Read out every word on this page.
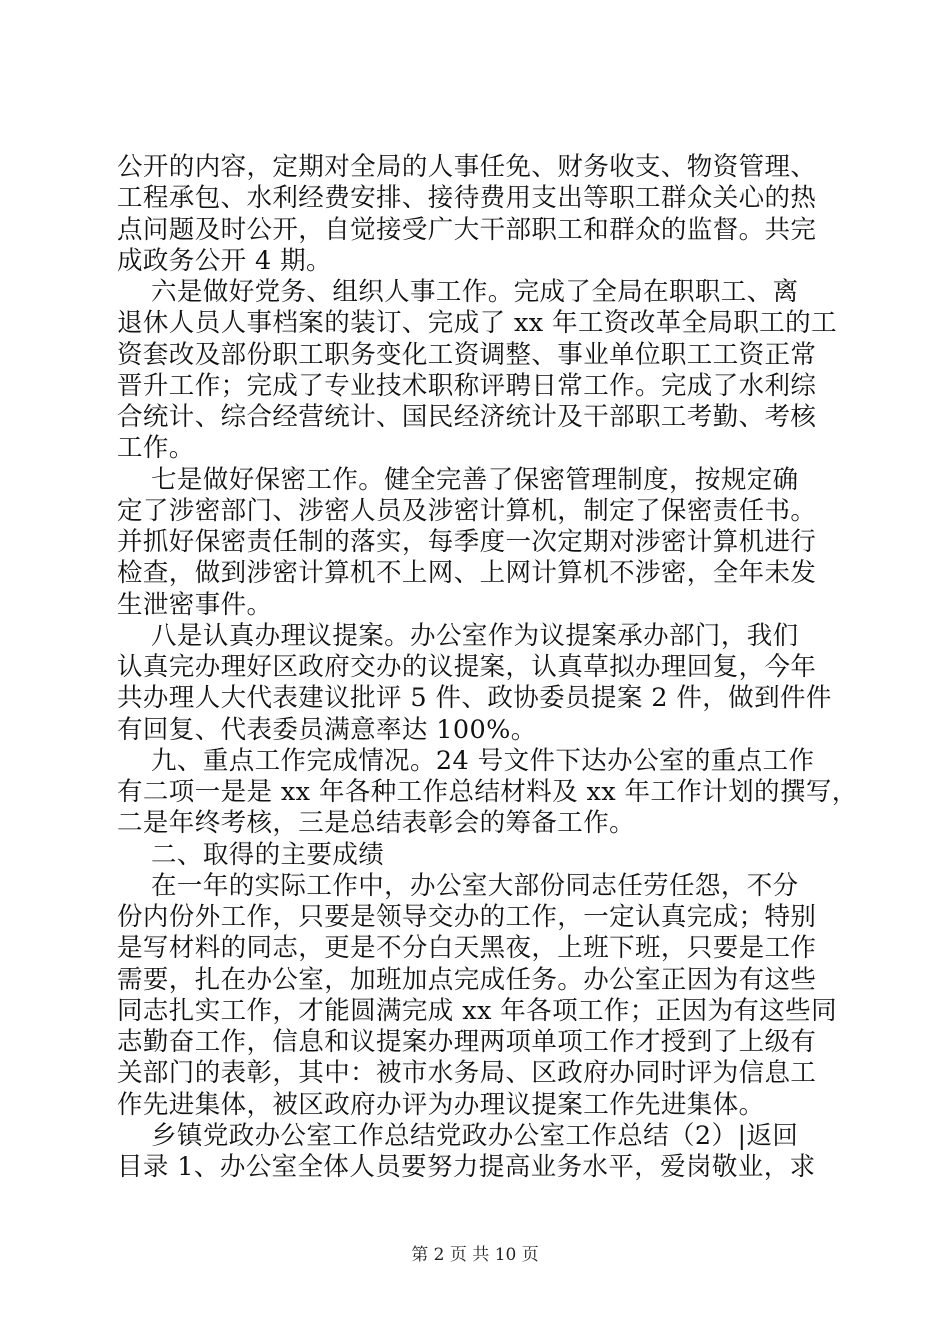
公开的内容，定期对全局的人事任免、财务收支、物资管理、
工程承包、水利经费安排、接待费用支出等职工群众关心的热
点问题及时公开，自觉接受广大干部职工和群众的监督。共完
成政务公开 4 期。
六是做好党务、组织人事工作。完成了全局在职职工、离
退休人员人事档案的装订、完成了 xx 年工资改革全局职工的工
资套改及部份职工职务变化工资调整、事业单位职工工资正常
晋升工作；完成了专业技术职称评聘日常工作。完成了水利综
合统计、综合经营统计、国民经济统计及干部职工考勤、考核
工作。
七是做好保密工作。健全完善了保密管理制度，按规定确
定了涉密部门、涉密人员及涉密计算机，制定了保密责任书。
并抓好保密责任制的落实，每季度一次定期对涉密计算机进行
检查，做到涉密计算机不上网、上网计算机不涉密，全年未发
生泄密事件。
八是认真办理议提案。办公室作为议提案承办部门，我们
认真完办理好区政府交办的议提案，认真草拟办理回复，今年
共办理人大代表建议批评 5 件、政协委员提案 2 件，做到件件
有回复、代表委员满意率达 100%。
九、重点工作完成情况。24 号文件下达办公室的重点工作
有二项一是是 xx 年各种工作总结材料及 xx 年工作计划的撰写，
二是年终考核，三是总结表彰会的筹备工作。
二、取得的主要成绩
在一年的实际工作中，办公室大部份同志任劳任怨，不分
份内份外工作，只要是领导交办的工作，一定认真完成；特别
是写材料的同志，更是不分白天黑夜，上班下班，只要是工作
需要，扎在办公室，加班加点完成任务。办公室正因为有这些
同志扎实工作，才能圆满完成 xx 年各项工作；正因为有这些同
志勤奋工作，信息和议提案办理两项单项工作才授到了上级有
关部门的表彰，其中：被市水务局、区政府办同时评为信息工
作先进集体，被区政府办评为办理议提案工作先进集体。
乡镇党政办公室工作总结党政办公室工作总结（2）|返回
目录 1、办公室全体人员要努力提高业务水平，爱岗敬业，求
第 2 页 共 10 页
